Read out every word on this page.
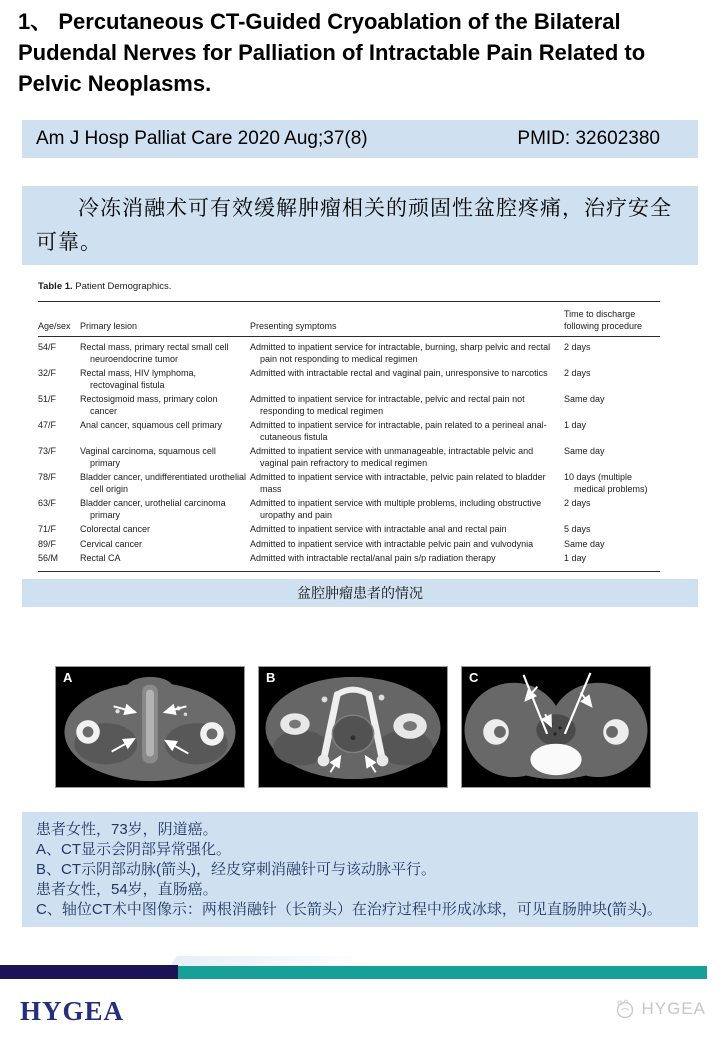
1、 Percutaneous CT-Guided Cryoablation of the Bilateral Pudendal Nerves for Palliation of Intractable Pain Related to Pelvic Neoplasms.
Am J Hosp Palliat Care 2020 Aug;37(8)	PMID: 32602380
冷冻消融术可有效缓解肿瘤相关的顽固性盆腔疼痛，治疗安全可靠。
Table 1. Patient Demographics.
Age/sex	Primary lesion	Presenting symptoms	Time to discharge following procedure
54/F	Rectal mass, primary rectal small cell neuroendocrine tumor	Admitted to inpatient service for intractable, burning, sharp pelvic and rectal pain not responding to medical regimen	2 days
32/F	Rectal mass, HIV lymphoma, rectovaginal fistula	Admitted with intractable rectal and vaginal pain, unresponsive to narcotics	2 days
51/F	Rectosigmoid mass, primary colon cancer	Admitted to inpatient service for intractable, pelvic and rectal pain not responding to medical regimen	Same day
47/F	Anal cancer, squamous cell primary	Admitted to inpatient service for intractable, pain related to a perineal anal-cutaneous fistula	1 day
73/F	Vaginal carcinoma, squamous cell primary	Admitted to inpatient service with unmanageable, intractable pelvic and vaginal pain refractory to medical regimen	Same day
78/F	Bladder cancer, undifferentiated urothelial cell origin	Admitted to inpatient service with intractable, pelvic pain related to bladder mass	10 days (multiple medical problems)
63/F	Bladder cancer, urothelial carcinoma primary	Admitted to inpatient service with multiple problems, including obstructive uropathy and pain	2 days
71/F	Colorectal cancer	Admitted to inpatient service with intractable anal and rectal pain	5 days
89/F	Cervical cancer	Admitted to inpatient service with intractable pelvic pain and vulvodynia	Same day
56/M	Rectal CA	Admitted with intractable rectal/anal pain s/p radiation therapy	1 day
盆腔肿瘤患者的情况
A	B	C
患者女性，73岁，阴道癌。
A、CT显示会阴部异常强化。
B、CT示阴部动脉(箭头)，经皮穿刺消融针可与该动脉平行。
患者女性，54岁，直肠癌。
C、轴位CT术中图像示：两根消融针（长箭头）在治疗过程中形成冰球，可见直肠肿块(箭头)。
HYGEA	HYGEA
